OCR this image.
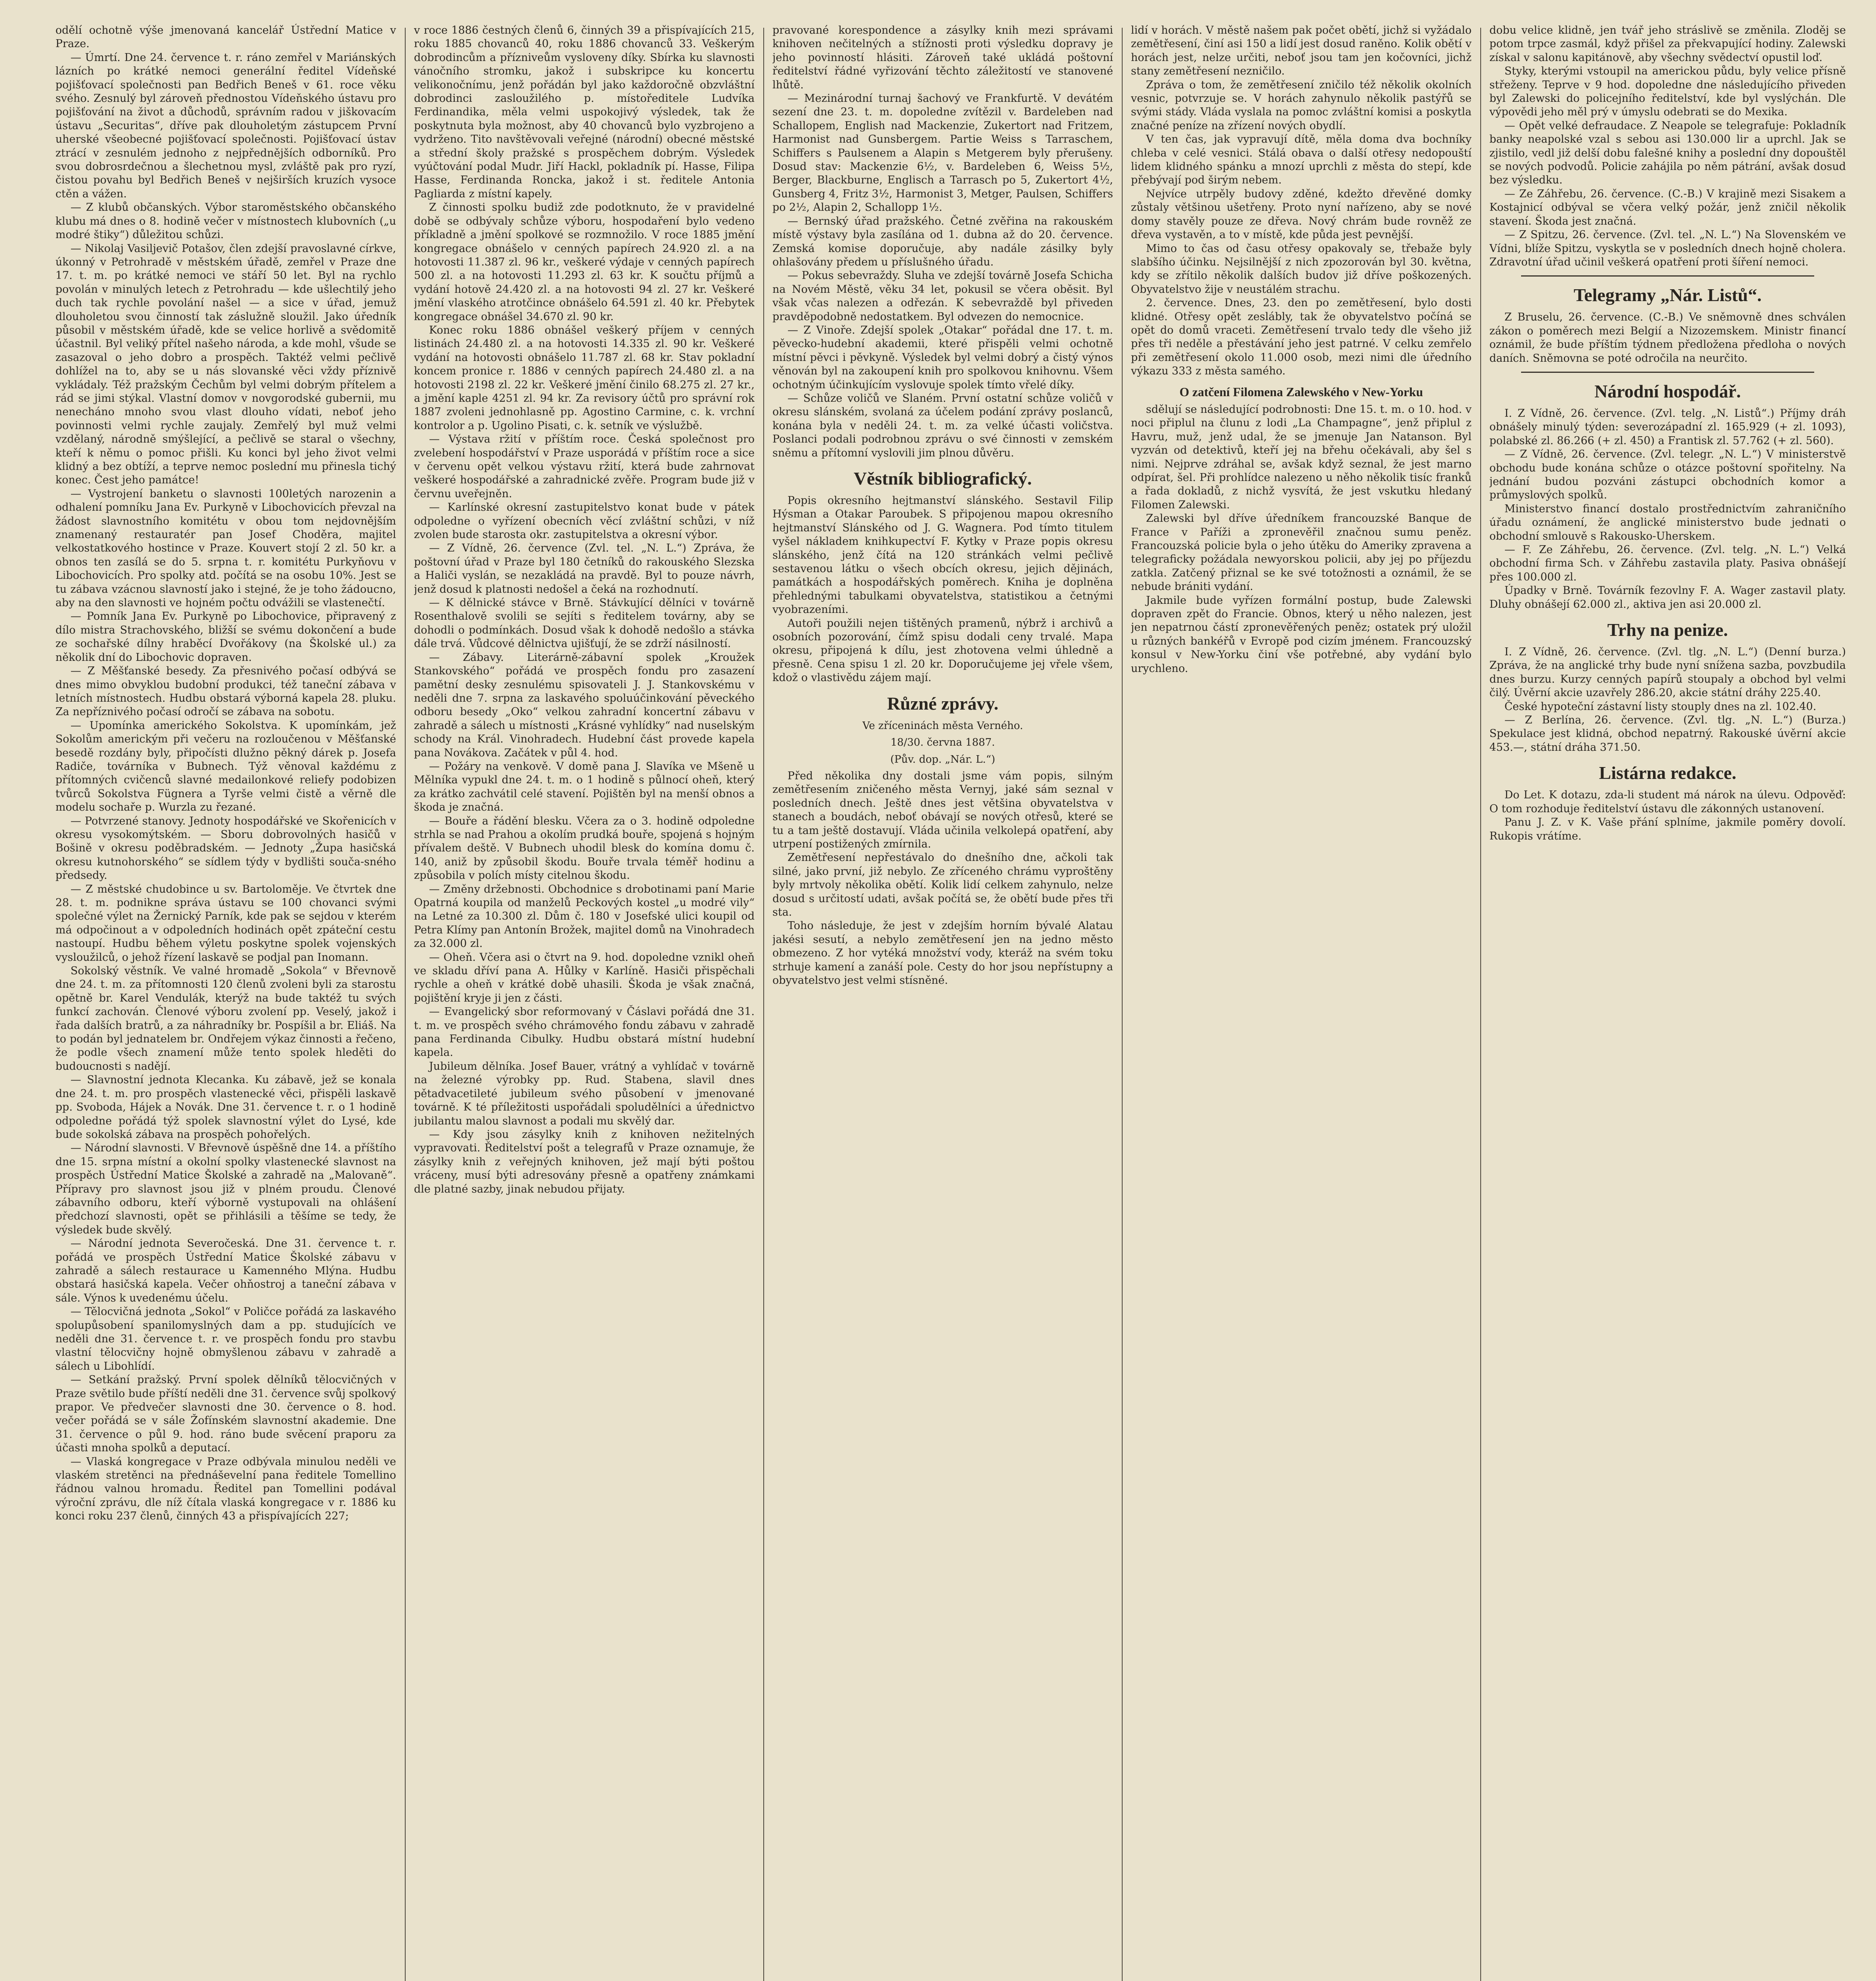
odělí ochotně výše jmenovaná kancelář Ústřední Matice v Praze.

— Úmrtí. Dne 24. července t. r. ráno zemřel v Mariánských lázních po krátké nemoci generální ředitel Vídeňské pojišťovací společnosti pan Bedřich Beneš v 61. roce věku svého. Zesnulý byl zároveň přednostou Vídeňského ústavu pro pojišťování na život a důchodů, správním radou v jiškovacím ústavu „Securitas“, dříve pak dlouholetým zástupcem První uherské všeobecné pojišťovací společnosti. Pojišťovací ústav ztrácí v zesnulém jednoho z nejpřednějších odborníků. Pro svou dobrosrdečnou a šlechetnou mysl, zvláště pak pro ryzí, čistou povahu byl Bedřich Beneš v nejširších kruzích vysoce ctěn a vážen.

— Z klubů občanských. Výbor staroměstského občanského klubu má dnes o 8. hodině večer v místnostech klubovních („u modré štiky“) důležitou schůzi.

— Nikolaj Vasiljevič Potašov, člen zdejší pravoslavné církve, úkonný v Petrohradě v městském úřadě, zemřel v Praze dne 17. t. m. po krátké nemoci ve stáří 50 let. Byl na rychlo povolán v minulých letech z Petrohradu — kde ušlechtilý jeho duch tak rychle povolání našel — a sice v úřad, jemuž dlouholetou svou činností tak záslužně sloužil. Jako úředník působil v městském úřadě, kde se velice horlivě a svědomitě účastnil. Byl veliký přítel našeho národa, a kde mohl, všude se zasazoval o jeho dobro a prospěch. Taktéž velmi pečlivě dohlížel na to, aby se u nás slovanské věci vždy příznivě vykládaly. Též pražským Čechům byl velmi dobrým přítelem a rád se jimi stýkal. Vlastní domov v novgorodské gubernii, mu nenecháno mnoho svou vlast dlouho vídati, neboť jeho povinnosti velmi rychle zaujaly. Zemřelý byl muž velmi vzdělaný, národně smýšlející, a pečlivě se staral o všechny, kteří k němu o pomoc přišli. Ku konci byl jeho život velmi klidný a bez obtíží, a teprve nemoc poslední mu přinesla tichý konec. Čest jeho památce!

— Vystrojení banketu o slavnosti 100letých narozenin a odhalení pomníku Jana Ev. Purkyně v Libochovicích převzal na žádost slavnostního komitétu v obou tom nejdovnějším znamenaný restauratér pan Josef Choděra, majitel velkostatkového hostince v Praze. Kouvert stojí 2 zl. 50 kr. a obnos ten zasílá se do 5. srpna t. r. komitétu Purkyňovu v Libochovicích. Pro spolky atd. počítá se na osobu 10%. Jest se tu zábava vzácnou slavností jako i stejné, že je toho žádoucno, aby na den slavnosti ve hojném počtu odvážili se vlastenečtí.

— Pomník Jana Ev. Purkyně po Libochovice, připravený z dílo mistra Strachovského, bližší se svému dokončení a bude ze sochařské dílny hraběcí Dvořákovy (na Školské ul.) za několik dní do Libochovic dopraven.

— Z Měšťanské besedy. Za přesnivého počasí odbývá se dnes mimo obvyklou budobní produkci, též taneční zábava v letních místnostech. Hudbu obstará výborná kapela 28. pluku. Za nepříznivého počasí odročí se zábava na sobotu.

— Upomínka amerického Sokolstva. K upomínkám, jež Sokolům americkým při večeru na rozloučenou v Měšťanské besedě rozdány byly, připočísti dlužno pěkný dárek p. Josefa Radiče, továrníka v Bubnech. Týž věnoval každému z přítomných cvičenců slavné medailonkové reliefy podobizen tvůrců Sokolstva Fügnera a Tyrše velmi čistě a věrně dle modelu sochaře p. Wurzla zu řezané.

— Potvrzené stanovy. Jednoty hospodářské ve Skořenicích v okresu vysokomýtském. — Sboru dobrovolných hasičů v Bošině v okresu poděbradském. — Jednoty „Župa hasičská okresu kutnohorského“ se sídlem týdy v bydlišti souča-sného předsedy.

— Z městské chudobince u sv. Bartoloměje. Ve čtvrtek dne 28. t. m. podnikne správa ústavu se 100 chovanci svými společné výlet na Žernický Parník, kde pak se sejdou v kterém má odpočinout a v odpoledních hodinách opět zpáteční cestu nastoupí. Hudbu během výletu poskytne spolek vojenských vysloužilců, o jehož řízení laskavě se podjal pan Inomann.

Sokolský věstník. Ve valné hromadě „Sokola“ v Břevnově dne 24. t. m. za přítomnosti 120 členů zvoleni byli za starostu opětně br. Karel Vendulák, kterýž na bude taktéž tu svých funkcí zachován. Členové výboru zvolení pp. Veselý, jakož i řada dalších bratrů, a za náhradníky br. Pospíšil a br. Eliáš. Na to podán byl jednatelem br. Ondřejem výkaz činnosti a řečeno, že podle všech znamení může tento spolek hleděti do budoucnosti s nadějí.

— Slavnostní jednota Klecanka. Ku zábavě, jež se konala dne 24. t. m. pro prospěch vlastenecké věci, přispěli laskavě pp. Svoboda, Hájek a Novák. Dne 31. července t. r. o 1 hodině odpoledne pořádá týž spolek slavnostní výlet do Lysé, kde bude sokolská zábava na prospěch pohořelých.

— Národní slavnosti. V Břevnově úspěšně dne 14. a příštího dne 15. srpna místní a okolní spolky vlastenecké slavnost na prospěch Ústřední Matice Školské a zahradě na „Malovaně“. Přípravy pro slavnost jsou již v plném proudu. Členové zábavního odboru, kteří výborně vystupovali na ohlášení předchozí slavnosti, opět se přihlásili a těšíme se tedy, že výsledek bude skvělý.

— Národní jednota Severočeská. Dne 31. července t. r. pořádá ve prospěch Ústřední Matice Školské zábavu v zahradě a sálech restaurace u Kamenného Mlýna. Hudbu obstará hasičská kapela. Večer ohňostroj a taneční zábava v sále. Výnos k uvedenému účelu.

— Tělocvičná jednota „Sokol“ v Poličce pořádá za laskavého spolupůsobení spanilomyslných dam a pp. studujících ve neděli dne 31. července t. r. ve prospěch fondu pro stavbu vlastní tělocvičny hojně obmyšlenou zábavu v zahradě a sálech u Libohlídí.

— Setkání pražský. První spolek dělníků tělocvičných v Praze světilo bude příští neděli dne 31. července svůj spolkový prapor. Ve předvečer slavnosti dne 30. července o 8. hod. večer pořádá se v sále Žofínském slavnostní akademie. Dne 31. července o půl 9. hod. ráno bude svěcení praporu za účasti mnoha spolků a deputací.

— Vlaská kongregace v Praze odbývala minulou neděli ve vlaském stretěnci na přednáševelní pana ředitele Tomellino řádnou valnou hromadu. Ředitel pan Tomellini podával výroční zprávu, dle níž čítala vlaská kongregace v r. 1886 ku konci roku 237 členů, činných 43 a přispívajících 227;

v roce 1886 čestných členů 6, činných 39 a přispívajících 215, roku 1885 chovanců 40, roku 1886 chovanců 33. Veškerým dobrodincům a přízniveům vysloveny díky. Sbírka ku slavnosti vánočního stromku, jakož i subskripce ku koncertu velikonočnímu, jenž pořádán byl jako každoročně obzvláštní dobrodinci zasloužilého p. místoředitele Ludvíka Ferdinandika, měla velmi uspokojivý výsledek, tak že poskytnuta byla možnost, aby 40 chovanců bylo vyzbrojeno a vydrženo. Tito navštěvovali veřejné (národní) obecné městské a střední školy pražské s prospěchem dobrým. Výsledek vyúčtování podal Mudr. Jiří Hackl, pokladník pí. Hasse, Filipa Hasse, Ferdinanda Roncka, jakož i st. ředitele Antonia Pagliarda z místní kapely.

Z činnosti spolku budiž zde podotknuto, že v pravidelné době se odbývaly schůze výboru, hospodaření bylo vedeno příkladně a jmění spolkové se rozmnožilo. V roce 1885 jmění kongregace obnášelo v cenných papírech 24.920 zl. a na hotovosti 11.387 zl. 96 kr., veškeré výdaje v cenných papírech 500 zl. a na hotovosti 11.293 zl. 63 kr. K součtu příjmů a vydání hotově 24.420 zl. a na hotovosti 94 zl. 27 kr. Veškeré jmění vlaského atrotčince obnášelo 64.591 zl. 40 kr. Přebytek kongregace obnášel 34.670 zl. 90 kr.

Konec roku 1886 obnášel veškerý příjem v cenných listinách 24.480 zl. a na hotovosti 14.335 zl. 90 kr. Veškeré vydání na hotovosti obnášelo 11.787 zl. 68 kr. Stav pokladní koncem pronice r. 1886 v cenných papírech 24.480 zl. a na hotovosti 2198 zl. 22 kr. Veškeré jmění činilo 68.275 zl. 27 kr., a jmění kaple 4251 zl. 94 kr. Za revisory účtů pro správní rok 1887 zvoleni jednohlasně pp. Agostino Carmine, c. k. vrchní kontrolor a p. Ugolino Pisati, c. k. setník ve výslužbě.

— Výstava ržití v příštím roce. Česká společnost pro zvelebení hospodářství v Praze usporádá v příštím roce a sice v červenu opět velkou výstavu ržití, která bude zahrnovat veškeré hospodářské a zahradnické zvěře. Program bude již v červnu uveřejněn.

— Karlínské okresní zastupitelstvo konat bude v pátek odpoledne o vyřízení obecních věcí zvláštní schůzi, v níž zvolen bude starosta okr. zastupitelstva a okresní výbor.

— Z Vídně, 26. července (Zvl. tel. „N. L.“) Zpráva, že poštovní úřad v Praze byl 180 četníků do rakouského Slezska a Haliči vyslán, se nezakládá na pravdě. Byl to pouze návrh, jenž dosud k platnosti nedošel a čeká na rozhodnutí.

— K dělnické stávce v Brně. Stávkující dělníci v továrně Rosenthalově svolili se sejíti s ředitelem továrny, aby se dohodli o podmínkách. Dosud však k dohodě nedošlo a stávka dále trvá. Vůdcové dělnictva ujišťují, že se zdrží násilností.

— Zábavy. Literárně-zábavní spolek „Kroužek Stankovského“ pořádá ve prospěch fondu pro zasazení pamětní desky zesnulému spisovateli J. J. Stankovskému v neděli dne 7. srpna za laskavého spoluúčinkování pěveckého odboru besedy „Oko“ velkou zahradní koncertní zábavu v zahradě a sálech u místnosti „Krásné vyhlídky“ nad nuselským schody na Král. Vinohradech. Hudební část provede kapela pana Novákova. Začátek v půl 4. hod.

— Požáry na venkově. V domě pana J. Slavíka ve Mšeně u Mělníka vypukl dne 24. t. m. o 1 hodině s půlnocí oheň, který za krátko zachvátil celé stavení. Pojištěn byl na menší obnos a škoda je značná.

— Bouře a řádění blesku. Včera za o 3. hodině odpoledne strhla se nad Prahou a okolím prudká bouře, spojená s hojným přívalem deště. V Bubnech uhodil blesk do komína domu č. 140, aniž by způsobil škodu. Bouře trvala téměř hodinu a způsobila v polích místy citelnou škodu.

— Změny držebnosti. Obchodnice s drobotinami paní Marie Opatrná koupila od manželů Peckových kostel „u modré vily“ na Letné za 10.300 zl. Dům č. 180 v Josefské ulici koupil od Petra Klímy pan Antonín Brožek, majitel domů na Vinohradech za 32.000 zl.

— Oheň. Včera asi o čtvrt na 9. hod. dopoledne vznikl oheň ve skladu dříví pana A. Hůlky v Karlíně. Hasiči přispěchali rychle a oheň v krátké době uhasili. Škoda je však značná, pojištění kryje ji jen z části.

— Evangelický sbor reformovaný v Čáslavi pořádá dne 31. t. m. ve prospěch svého chrámového fondu zábavu v zahradě pana Ferdinanda Cibulky. Hudbu obstará místní hudební kapela.

Jubileum dělníka. Josef Bauer, vrátný a vyhlídač v továrně na železné výrobky pp. Rud. Stabena, slavil dnes pětadvacetileté jubileum svého působení v jmenované továrně. K té příležitosti uspořádali spoludělníci a úřednictvo jubilantu malou slavnost a podali mu skvělý dar.

— Kdy jsou zásylky knih z knihoven nežitelných vypravovati. Ředitelství pošt a telegrafů v Praze oznamuje, že zásylky knih z veřejných knihoven, jež mají býti poštou vráceny, musí býti adresovány přesně a opatřeny známkami dle platné sazby, jinak nebudou přijaty.

pravované korespondence a zásylky knih mezi správami knihoven nečitelných a stížnosti proti výsledku dopravy je jeho povinností hlásiti. Zároveň také ukládá poštovní ředitelství řádné vyřizování těchto záležitostí ve stanovené lhůtě.

— Mezinárodní turnaj šachový ve Frankfurtě. V devátém sezení dne 23. t. m. dopoledne zvítězil v. Bardeleben nad Schallopem, English nad Mackenzie, Zukertort nad Fritzem, Harmonist nad Gunsbergem. Partie Weiss s Tarraschem, Schiffers s Paulsenem a Alapin s Metgerem byly přerušeny. Dosud stav: Mackenzie 6½, v. Bardeleben 6, Weiss 5½, Berger, Blackburne, Englisch a Tarrasch po 5, Zukertort 4½, Gunsberg 4, Fritz 3½, Harmonist 3, Metger, Paulsen, Schiffers po 2½, Alapin 2, Schallopp 1½.

— Bernský úřad pražského. Četné zvěřina na rakouském místě výstavy byla zasílána od 1. dubna až do 20. července. Zemská komise doporučuje, aby nadále zásilky byly ohlašovány předem u příslušného úřadu.

— Pokus sebevraždy. Sluha ve zdejší továrně Josefa Schicha na Novém Městě, věku 34 let, pokusil se včera oběsit. Byl však včas nalezen a odřezán. K sebevraždě byl přiveden pravděpodobně nedostatkem. Byl odvezen do nemocnice.

— Z Vinoře. Zdejší spolek „Otakar“ pořádal dne 17. t. m. pěvecko-hudební akademii, které přispěli velmi ochotně místní pěvci i pěvkyně. Výsledek byl velmi dobrý a čistý výnos věnován byl na zakoupení knih pro spolkovou knihovnu. Všem ochotným účinkujícím vyslovuje spolek tímto vřelé díky.

— Schůze voličů ve Slaném. První ostatní schůze voličů v okresu slánském, svolaná za účelem podání zprávy poslanců, konána byla v neděli 24. t. m. za velké účasti voličstva. Poslanci podali podrobnou zprávu o své činnosti v zemském sněmu a přítomní vyslovili jim plnou důvěru.

Věstník bibliografický.

Popis okresního hejtmanství slánského. Sestavil Filip Hýsman a Otakar Paroubek. S připojenou mapou okresního hejtmanství Slánského od J. G. Wagnera. Pod tímto titulem vyšel nákladem knihkupectví F. Kytky v Praze popis okresu slánského, jenž čítá na 120 stránkách velmi pečlivě sestavenou látku o všech obcích okresu, jejich dějinách, památkách a hospodářských poměrech. Kniha je doplněna přehlednými tabulkami obyvatelstva, statistikou a četnými vyobrazeními.

Autoři použili nejen tištěných pramenů, nýbrž i archivů a osobních pozorování, čímž spisu dodali ceny trvalé. Mapa okresu, připojená k dílu, jest zhotovena velmi úhledně a přesně. Cena spisu 1 zl. 20 kr. Doporučujeme jej vřele všem, kdož o vlastivědu zájem mají.

Různé zprávy.
Ve zříceninách města Verného.
18/30. června 1887.
(Pův. dop. „Nár. L.“)

Před několika dny dostali jsme vám popis, silným zemětřesením zničeného města Vernyj, jaké sám seznal v posledních dnech. Ještě dnes jest většina obyvatelstva v stanech a boudách, neboť obávají se nových otřesů, které se tu a tam ještě dostavují. Vláda učinila velkolepá opatření, aby utrpení postižených zmírnila.

Zemětřesení nepřestávalo do dnešního dne, ačkoli tak silné, jako první, již nebylo. Ze zříceného chrámu vyproštěny byly mrtvoly několika obětí. Kolik lidí celkem zahynulo, nelze dosud s určitostí udati, avšak počítá se, že obětí bude přes tři sta.

Toho následuje, že jest v zdejším horním bývalé Alatau jakési sesutí, a nebylo zemětřesení jen na jedno město obmezeno. Z hor vytéká množství vody, kteráž na svém toku strhuje kamení a zanáší pole. Cesty do hor jsou nepřístupny a obyvatelstvo jest velmi stísněné.

lidí v horách. V městě našem pak počet obětí, jichž si vyžádalo zemětřesení, činí asi 150 a lidí jest dosud raněno. Kolik obětí v horách jest, nelze určiti, neboť jsou tam jen kočovníci, jichž stany zemětřesení nezničilo.

Zpráva o tom, že zemětřesení zničilo též několik okolních vesnic, potvrzuje se. V horách zahynulo několik pastýřů se svými stády. Vláda vyslala na pomoc zvláštní komisi a poskytla značné peníze na zřízení nových obydlí.

V ten čas, jak vypravují dítě, měla doma dva bochníky chleba v celé vesnici. Stálá obava o další otřesy nedopouští lidem klidného spánku a mnozí uprchli z města do stepí, kde přebývají pod širým nebem.

Nejvíce utrpěly budovy zděné, kdežto dřevěné domky zůstaly většinou ušetřeny. Proto nyní nařízeno, aby se nové domy stavěly pouze ze dřeva. Nový chrám bude rovněž ze dřeva vystavěn, a to v místě, kde půda jest pevnější.

Mimo to čas od času otřesy opakovaly se, třebaže byly slabšího účinku. Nejsilnější z nich zpozorován byl 30. května, kdy se zřítilo několik dalších budov již dříve poškozených. Obyvatelstvo žije v neustálém strachu.

2. července. Dnes, 23. den po zemětřesení, bylo dosti klidné. Otřesy opět zeslábly, tak že obyvatelstvo počíná se opět do domů vraceti. Zemětřesení trvalo tedy dle všeho již přes tři neděle a přestávání jeho jest patrné. V celku zemřelo při zemětřesení okolo 11.000 osob, mezi nimi dle úředního výkazu 333 z města samého.

O zatčení Filomena Zalewského v New-Yorku

sdělují se následující podrobnosti: Dne 15. t. m. o 10. hod. v noci připlul na člunu z lodi „La Champagne“, jenž připlul z Havru, muž, jenž udal, že se jmenuje Jan Natanson. Byl vyzván od detektivů, kteří jej na břehu očekávali, aby šel s nimi. Nejprve zdráhal se, avšak když seznal, že jest marno odpírat, šel. Při prohlídce nalezeno u něho několik tisíc franků a řada dokladů, z nichž vysvítá, že jest vskutku hledaný Filomen Zalewski.

Zalewski byl dříve úředníkem francouzské Banque de France v Paříži a zpronevěřil značnou sumu peněz. Francouzská policie byla o jeho útěku do Ameriky zpravena a telegraficky požádala newyorskou policii, aby jej po příjezdu zatkla. Zatčený přiznal se ke své totožnosti a oznámil, že se nebude brániti vydání.

Jakmile bude vyřízen formální postup, bude Zalewski dopraven zpět do Francie. Obnos, který u něho nalezen, jest jen nepatrnou částí zpronevěřených peněz; ostatek prý uložil u různých bankéřů v Evropě pod cizím jménem. Francouzský konsul v New-Yorku činí vše potřebné, aby vydání bylo urychleno.

dobu velice klidně, jen tvář jeho stráslivě se změnila. Zloděj se potom trpce zasmál, když přišel za překvapující hodiny. Zalewski získal v salonu kapitánově, aby všechny svědectví opustil loď.

Styky, kterými vstoupil na americkou půdu, byly velice přísně střeženy. Teprve v 9 hod. dopoledne dne následujícího přiveden byl Zalewski do policejního ředitelství, kde byl vyslýchán. Dle výpovědi jeho měl prý v úmyslu odebrati se do Mexika.

— Opět velké defraudace. Z Neapole se telegrafuje: Pokladník banky neapolské vzal s sebou asi 130.000 lir a uprchl. Jak se zjistilo, vedl již delší dobu falešné knihy a poslední dny dopouštěl se nových podvodů. Policie zahájila po něm pátrání, avšak dosud bez výsledku.

— Ze Záhřebu, 26. července. (C.-B.) V krajině mezi Sisakem a Kostajnicí odbýval se včera velký požár, jenž zničil několik stavení. Škoda jest značná.

— Z Spitzu, 26. července. (Zvl. tel. „N. L.“) Na Slovenském ve Vídni, blíže Spitzu, vyskytla se v posledních dnech hojně cholera. Zdravotní úřad učinil veškerá opatření proti šíření nemoci.

Telegramy „Nár. Listů“.

Z Bruselu, 26. července. (C.-B.) Ve sněmovně dnes schválen zákon o poměrech mezi Belgií a Nizozemskem. Ministr financí oznámil, že bude příštím týdnem předložena předloha o nových daních. Sněmovna se poté odročila na neurčito.

Národní hospodář.

I. Z Vídně, 26. července. (Zvl. telg. „N. Listů“.) Příjmy dráh obnášely minulý týden: severozápadní zl. 165.929 (+ zl. 1093), polabské zl. 86.266 (+ zl. 450) a Frantisk zl. 57.762 (+ zl. 560).

— Z Vídně, 26. července. (Zvl. telegr. „N. L.“) V ministerstvě obchodu bude konána schůze o otázce poštovní spořitelny. Na jednání budou pozváni zástupci obchodních komor a průmyslových spolků.

Ministerstvo financí dostalo prostřednictvím zahraničního úřadu oznámení, že anglické ministerstvo bude jednati o obchodní smlouvě s Rakousko-Uherskem.

— F. Ze Záhřebu, 26. července. (Zvl. telg. „N. L.“) Velká obchodní firma Sch. v Záhřebu zastavila platy. Pasiva obnášejí přes 100.000 zl.

Úpadky v Brně. Továrník fezovlny F. A. Wager zastavil platy. Dluhy obnášejí 62.000 zl., aktiva jen asi 20.000 zl.

Trhy na penize.

I. Z Vídně, 26. července. (Zvl. tlg. „N. L.“) (Denní burza.) Zpráva, že na anglické trhy bude nyní snížena sazba, povzbudila dnes burzu. Kurzy cenných papírů stoupaly a obchod byl velmi čilý. Úvěrní akcie uzavřely 286.20, akcie státní dráhy 225.40.

České hypoteční zástavní listy stouply dnes na zl. 102.40.

— Z Berlína, 26. července. (Zvl. tlg. „N. L.“) (Burza.) Spekulace jest klidná, obchod nepatrný. Rakouské úvěrní akcie 453.—, státní dráha 371.50.

Listárna redakce.

Do Let. K dotazu, zda-li student má nárok na úlevu. Odpověď: O tom rozhoduje ředitelství ústavu dle zákonných ustanovení.

Panu J. Z. v K. Vaše přání splníme, jakmile poměry dovolí. Rukopis vrátíme.
